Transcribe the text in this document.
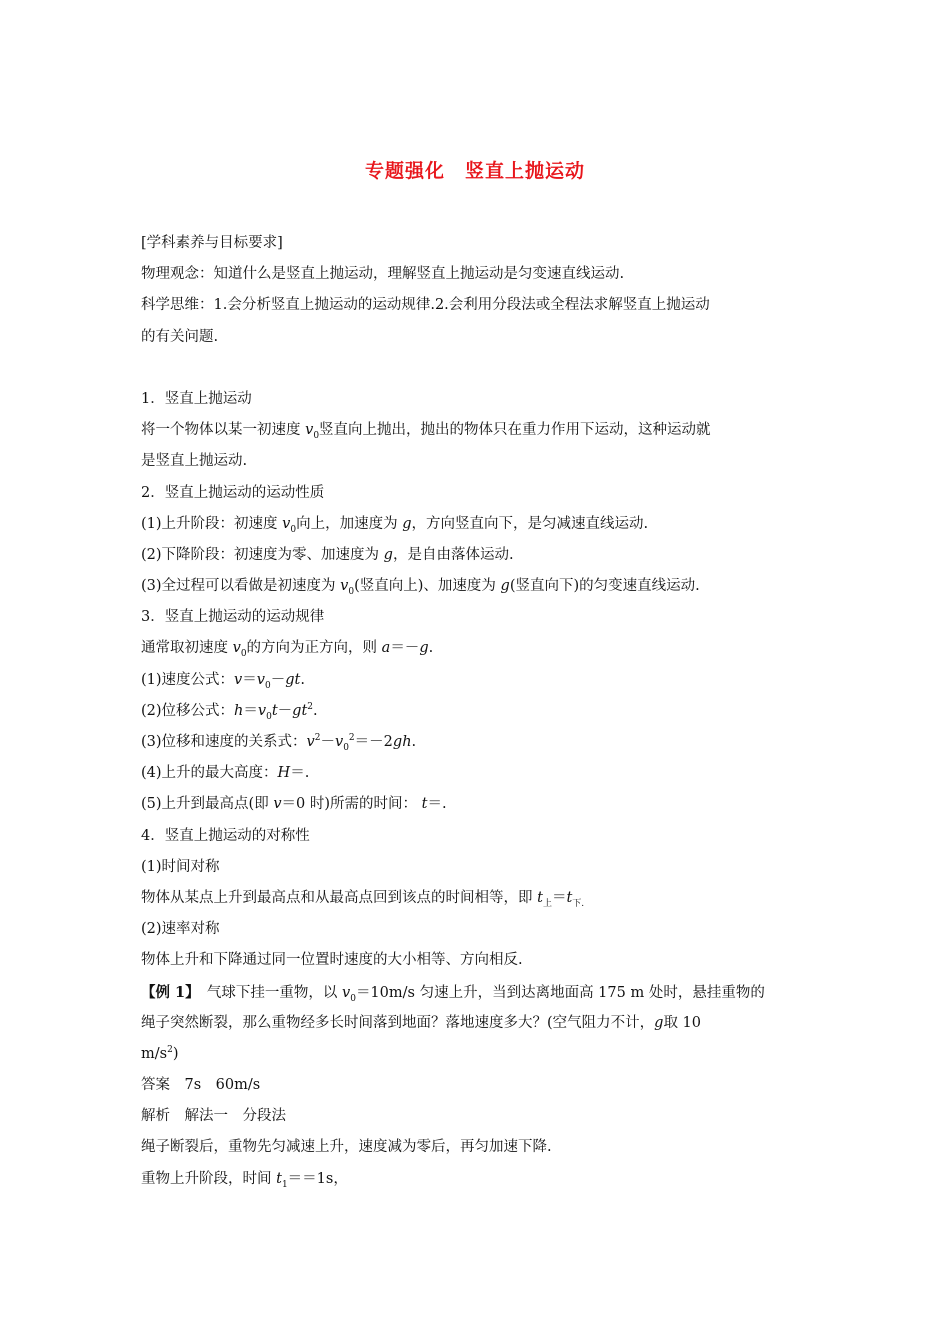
专题强化　竖直上抛运动
[学科素养与目标要求]
物理观念：知道什么是竖直上抛运动，理解竖直上抛运动是匀变速直线运动.
科学思维：1.会分析竖直上抛运动的运动规律.2.会利用分段法或全程法求解竖直上抛运动
的有关问题.
1．竖直上抛运动
将一个物体以某一初速度 $v_0$竖直向上抛出，抛出的物体只在重力作用下运动，这种运动就
是竖直上抛运动.
2．竖直上抛运动的运动性质
(1)上升阶段：初速度 $v_0$向上，加速度为 g，方向竖直向下，是匀减速直线运动.
(2)下降阶段：初速度为零、加速度为 g，是自由落体运动.
(3)全过程可以看做是初速度为 $v_0$(竖直向上)、加速度为 g(竖直向下)的匀变速直线运动.
3．竖直上抛运动的运动规律
通常取初速度 $v_0$的方向为正方向，则 a＝－g.
(1)速度公式：$v=v_0-gt$.
(2)位移公式：$h=v_0t-gt^2$.
(3)位移和速度的关系式：$v^2-v_0^2=-2gh$.
(4)上升的最大高度：H＝.
(5)上升到最高点(即 v＝0 时)所需的时间： t＝.
4．竖直上抛运动的对称性
(1)时间对称
物体从某点上升到最高点和从最高点回到该点的时间相等，即 $t_上=t_{下.}$
(2)速率对称
物体上升和下降通过同一位置时速度的大小相等、方向相反.
【例 1】　气球下挂一重物，以 $v_0=10m/s$ 匀速上升，当到达离地面高 175 m 处时，悬挂重物的
绳子突然断裂，那么重物经多长时间落到地面？落地速度多大？(空气阻力不计，g取 10
$m/s^2$)
答案　7s　60m/s
解析　解法一　分段法
绳子断裂后，重物先匀减速上升，速度减为零后，再匀加速下降.
重物上升阶段，时间 $t_1==1s$，
